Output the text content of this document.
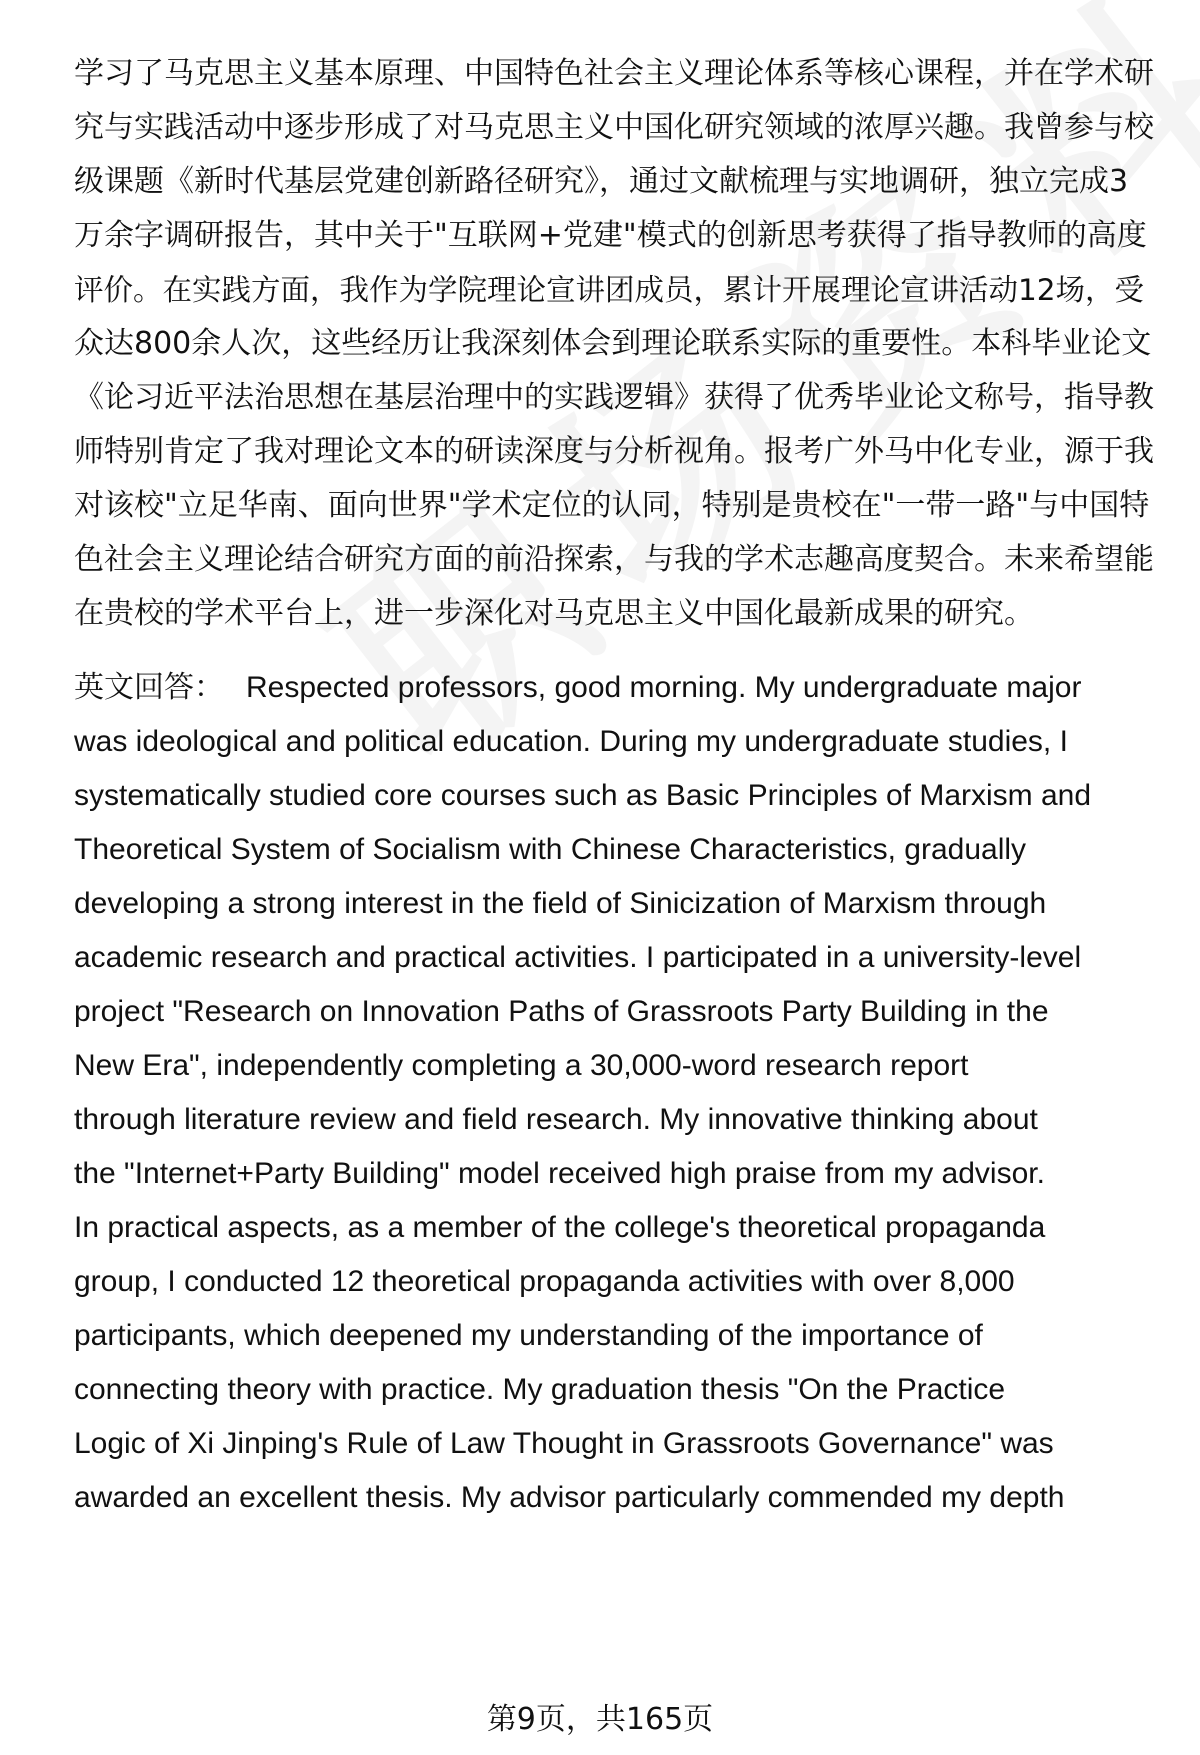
学习了马克思主义基本原理、中国特色社会主义理论体系等核心课程，并在学术研
究与实践活动中逐步形成了对马克思主义中国化研究领域的浓厚兴趣。我曾参与校
级课题《新时代基层党建创新路径研究》，通过文献梳理与实地调研，独立完成3
万余字调研报告，其中关于"互联网+党建"模式的创新思考获得了指导教师的高度
评价。在实践方面，我作为学院理论宣讲团成员，累计开展理论宣讲活动12场，受
众达800余人次，这些经历让我深刻体会到理论联系实际的重要性。本科毕业论文
《论习近平法治思想在基层治理中的实践逻辑》获得了优秀毕业论文称号，指导教
师特别肯定了我对理论文本的研读深度与分析视角。报考广外马中化专业，源于我
对该校"立足华南、面向世界"学术定位的认同，特别是贵校在"一带一路"与中国特
色社会主义理论结合研究方面的前沿探索，与我的学术志趣高度契合。未来希望能
在贵校的学术平台上，进一步深化对马克思主义中国化最新成果的研究。
英文回答： Respected professors, good morning. My undergraduate major
was ideological and political education. During my undergraduate studies, I
systematically studied core courses such as Basic Principles of Marxism and
Theoretical System of Socialism with Chinese Characteristics, gradually
developing a strong interest in the field of Sinicization of Marxism through
academic research and practical activities. I participated in a university-level
project "Research on Innovation Paths of Grassroots Party Building in the
New Era", independently completing a 30,000-word research report
through literature review and field research. My innovative thinking about
the "Internet+Party Building" model received high praise from my advisor.
In practical aspects, as a member of the college's theoretical propaganda
group, I conducted 12 theoretical propaganda activities with over 8,000
participants, which deepened my understanding of the importance of
connecting theory with practice. My graduation thesis "On the Practice
Logic of Xi Jinping's Rule of Law Thought in Grassroots Governance" was
awarded an excellent thesis. My advisor particularly commended my depth
第9页，共165页
